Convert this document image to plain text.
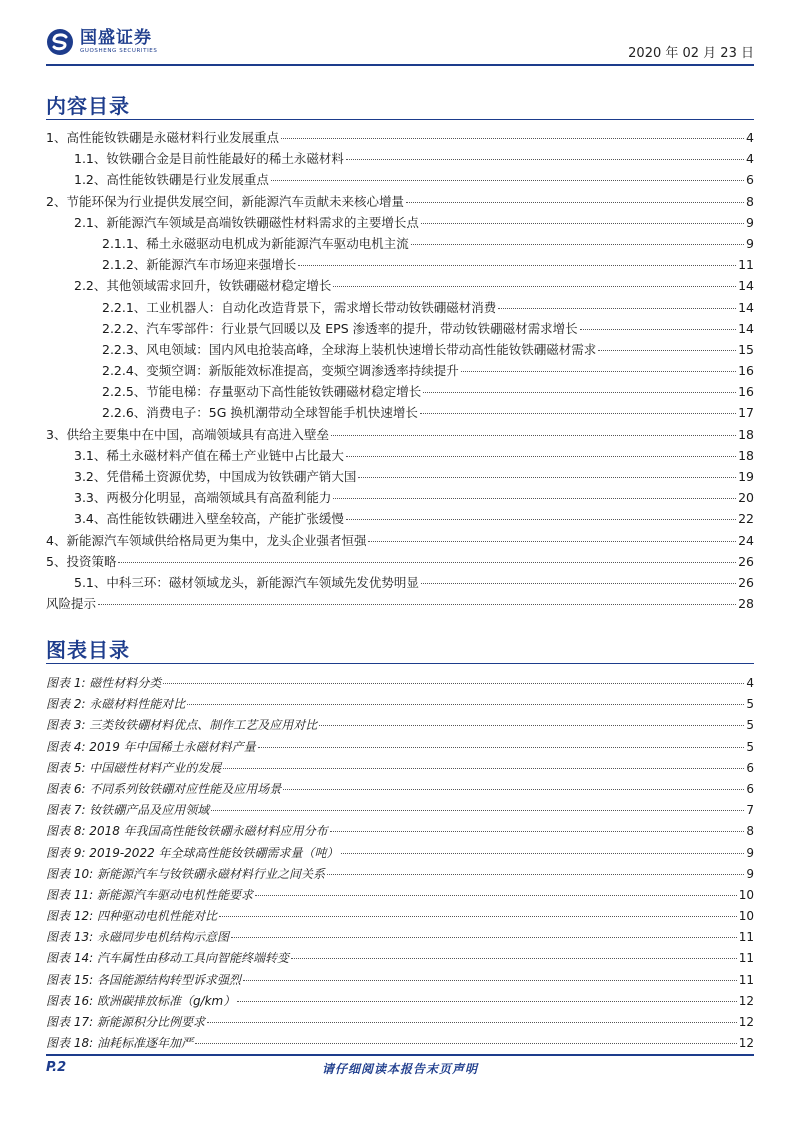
国盛证券
GUOSHENG SECURITIES	2020 年 02 月 23 日
内容目录
1、高性能钕铁硼是永磁材料行业发展重点	4
1.1、钕铁硼合金是目前性能最好的稀土永磁材料	4
1.2、高性能钕铁硼是行业发展重点	6
2、节能环保为行业提供发展空间，新能源汽车贡献未来核心增量	8
2.1、新能源汽车领域是高端钕铁硼磁性材料需求的主要增长点	9
2.1.1、稀土永磁驱动电机成为新能源汽车驱动电机主流	9
2.1.2、新能源汽车市场迎来强增长	11
2.2、其他领域需求回升，钕铁硼磁材稳定增长	14
2.2.1、工业机器人：自动化改造背景下，需求增长带动钕铁硼磁材消费	14
2.2.2、汽车零部件：行业景气回暖以及 EPS 渗透率的提升，带动钕铁硼磁材需求增长	14
2.2.3、风电领域：国内风电抢装高峰，全球海上装机快速增长带动高性能钕铁硼磁材需求	15
2.2.4、变频空调：新版能效标准提高，变频空调渗透率持续提升	16
2.2.5、节能电梯：存量驱动下高性能钕铁硼磁材稳定增长	16
2.2.6、消费电子：5G 换机潮带动全球智能手机快速增长	17
3、供给主要集中在中国，高端领域具有高进入壁垒	18
3.1、稀土永磁材料产值在稀土产业链中占比最大	18
3.2、凭借稀土资源优势，中国成为钕铁硼产销大国	19
3.3、两极分化明显，高端领域具有高盈利能力	20
3.4、高性能钕铁硼进入壁垒较高，产能扩张缓慢	22
4、新能源汽车领域供给格局更为集中，龙头企业强者恒强	24
5、投资策略	26
5.1、中科三环：磁材领域龙头，新能源汽车领域先发优势明显	26
风险提示	28
图表目录
图表 1: 磁性材料分类	4
图表 2: 永磁材料性能对比	5
图表 3: 三类钕铁硼材料优点、制作工艺及应用对比	5
图表 4: 2019 年中国稀土永磁材料产量	5
图表 5: 中国磁性材料产业的发展	6
图表 6: 不同系列钕铁硼对应性能及应用场景	6
图表 7: 钕铁硼产品及应用领域	7
图表 8: 2018 年我国高性能钕铁硼永磁材料应用分布	8
图表 9: 2019-2022 年全球高性能钕铁硼需求量（吨）	9
图表 10: 新能源汽车与钕铁硼永磁材料行业之间关系	9
图表 11: 新能源汽车驱动电机性能要求	10
图表 12: 四种驱动电机性能对比	10
图表 13: 永磁同步电机结构示意图	11
图表 14: 汽车属性由移动工具向智能终端转变	11
图表 15: 各国能源结构转型诉求强烈	11
图表 16: 欧洲碳排放标准（g/km）	12
图表 17: 新能源积分比例要求	12
图表 18: 油耗标准逐年加严	12
P.2	请仔细阅读本报告末页声明
